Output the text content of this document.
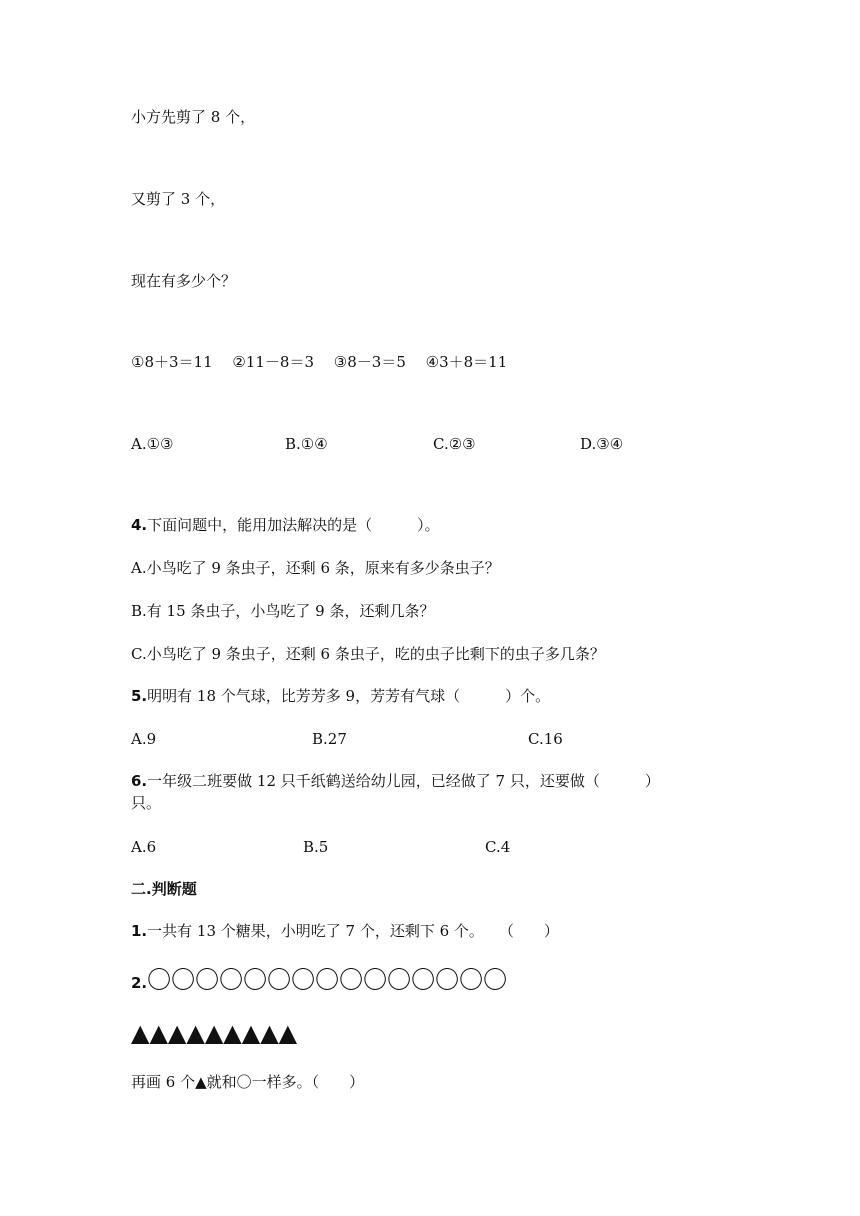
小方先剪了 8 个，
又剪了 3 个，
现在有多少个？
①8＋3＝11　 ②11－8＝3　 ③8－3＝5　 ④3＋8＝11
A.①③	B.①④	C.②③	D.③④
4.下面问题中，能用加法解决的是（　　　）。
A.小鸟吃了 9 条虫子，还剩 6 条，原来有多少条虫子？
B.有 15 条虫子，小鸟吃了 9 条，还剩几条？
C.小鸟吃了 9 条虫子，还剩 6 条虫子，吃的虫子比剩下的虫子多几条？
5.明明有 18 个气球，比芳芳多 9，芳芳有气球（　　　）个。
A.9	B.27	C.16
6.一年级二班要做 12 只千纸鹤送给幼儿园，已经做了 7 只，还要做（　　　）
只。
A.6	B.5	C.4
二.判断题
1.一共有 13 个糖果，小明吃了 7 个，还剩下 6 个。　　（　　）
2.〇〇〇〇〇〇〇〇〇〇〇〇〇〇〇
▲▲▲▲▲▲▲▲▲
再画 6 个▲就和〇一样多。（　　）
